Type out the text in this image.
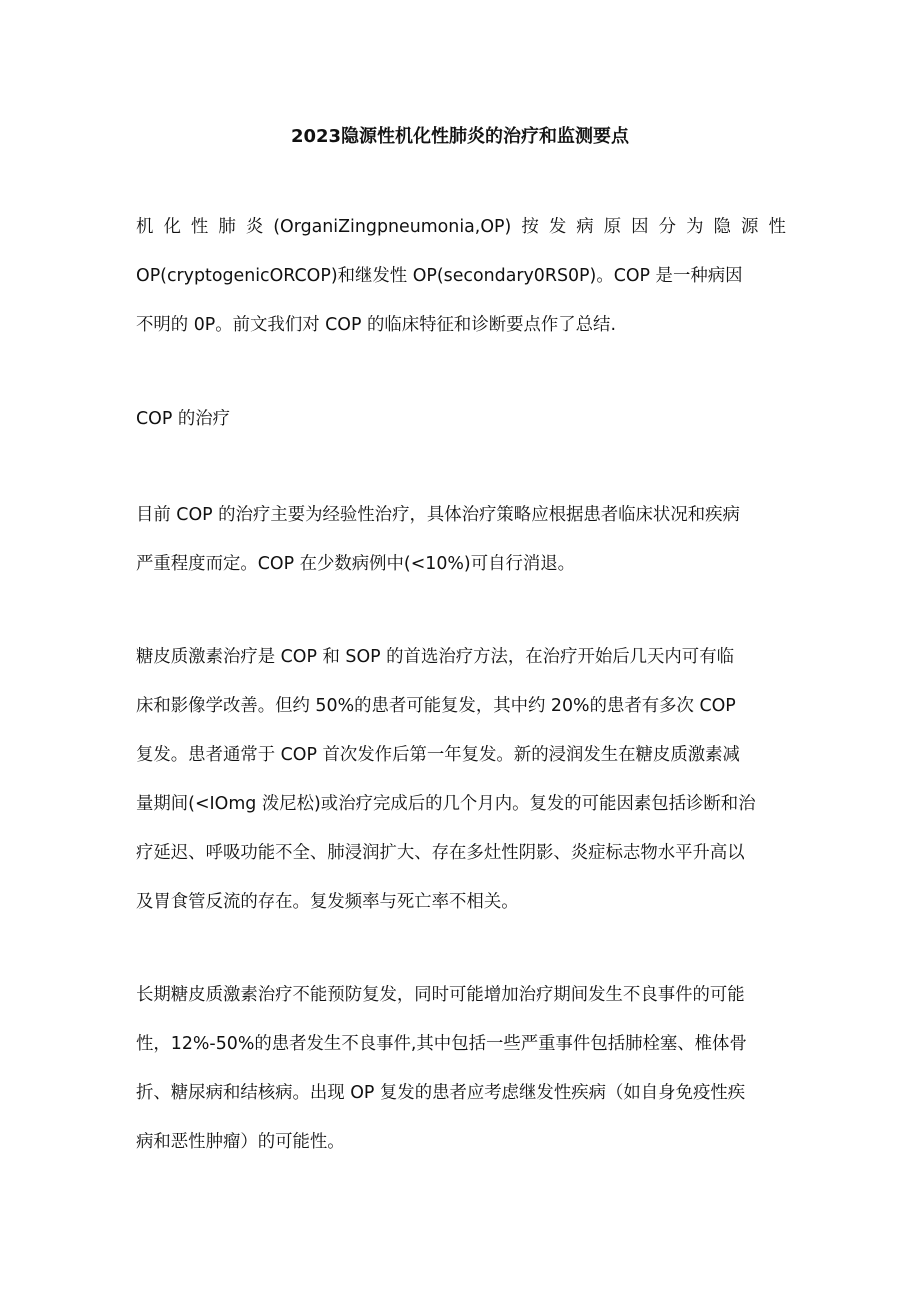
2023隐源性机化性肺炎的治疗和监测要点
机 化 性 肺 炎 (OrganiZingpneumonia,OP) 按 发 病 原 因 分 为 隐 源 性
OP(cryptogenicORCOP)和继发性 OP(secondary0RS0P)。COP 是一种病因
不明的 0P。前文我们对 COP 的临床特征和诊断要点作了总结.
COP 的治疗
目前 COP 的治疗主要为经验性治疗，具体治疗策略应根据患者临床状况和疾病
严重程度而定。COP 在少数病例中(<10%)可自行消退。
糖皮质激素治疗是 COP 和 SOP 的首选治疗方法，在治疗开始后几天内可有临
床和影像学改善。但约 50%的患者可能复发，其中约 20%的患者有多次 COP
复发。患者通常于 COP 首次发作后第一年复发。新的浸润发生在糖皮质激素减
量期间(<IOmg 泼尼松)或治疗完成后的几个月内。复发的可能因素包括诊断和治
疗延迟、呼吸功能不全、肺浸润扩大、存在多灶性阴影、炎症标志物水平升高以
及胃食管反流的存在。复发频率与死亡率不相关。
长期糖皮质激素治疗不能预防复发，同时可能增加治疗期间发生不良事件的可能
性，12%-50%的患者发生不良事件,其中包括一些严重事件包括肺栓塞、椎体骨
折、糖尿病和结核病。出现 OP 复发的患者应考虑继发性疾病（如自身免疫性疾
病和恶性肿瘤）的可能性。
